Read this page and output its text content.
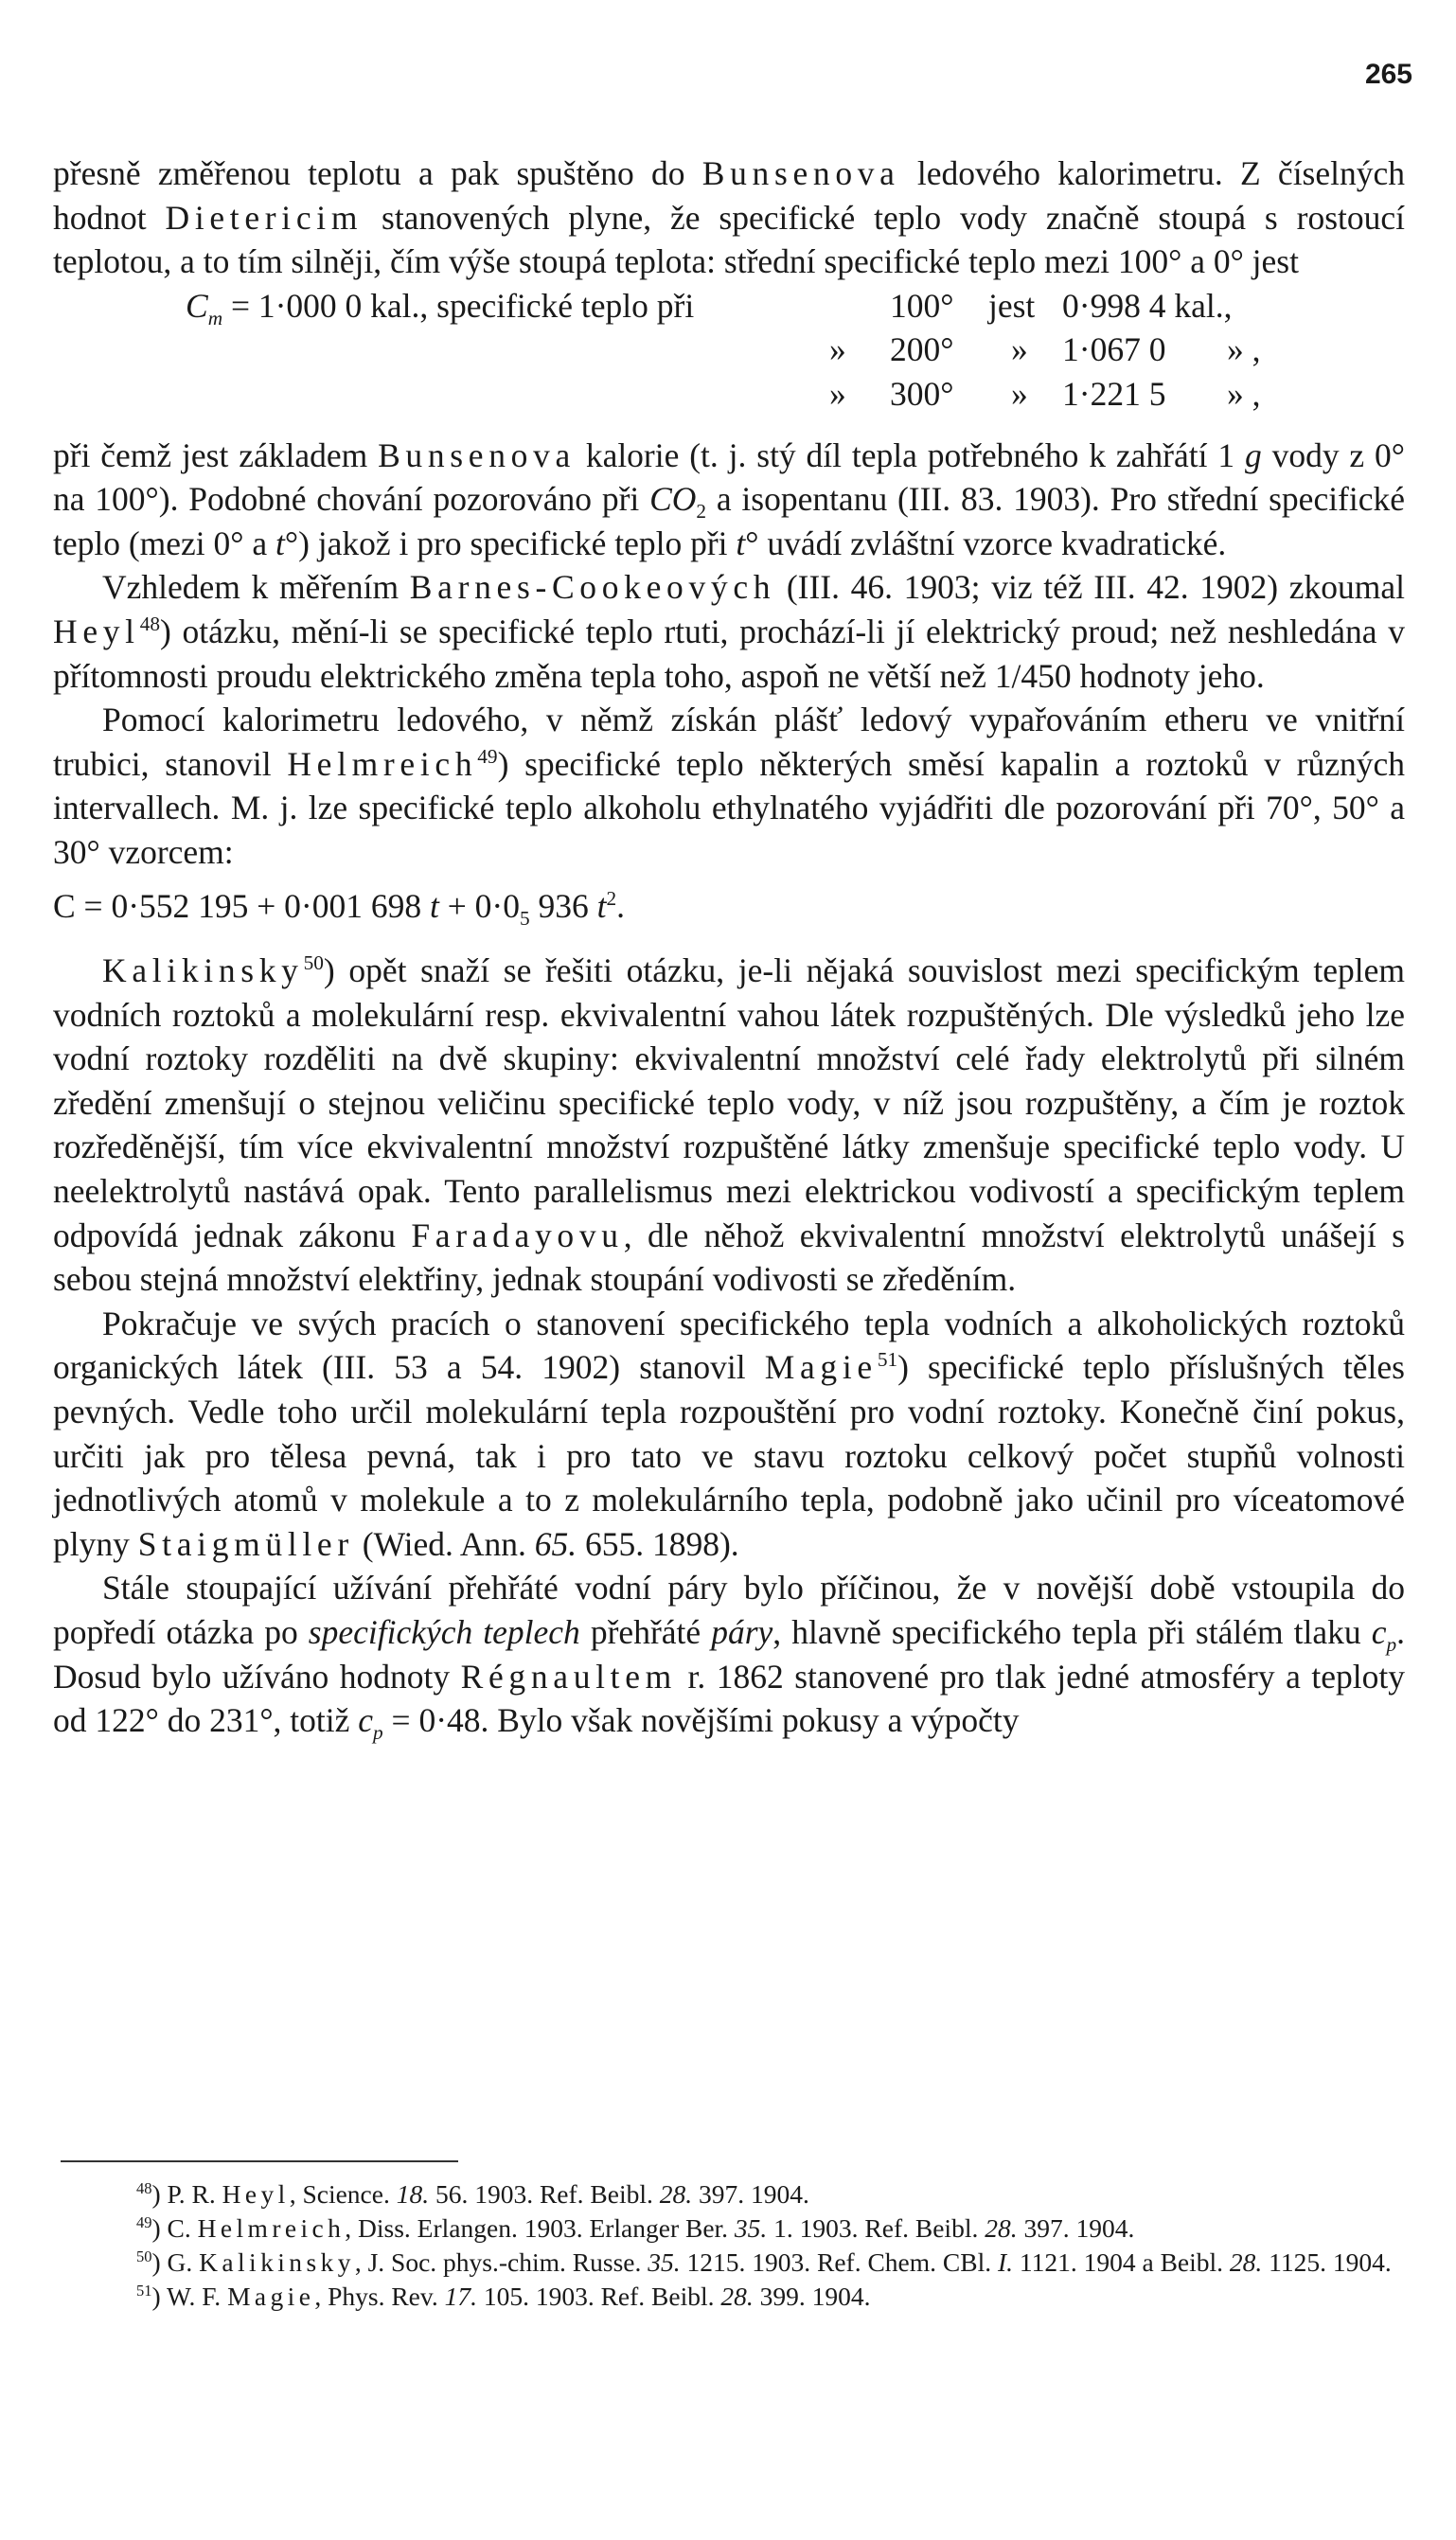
265

přesně změřenou teplotu a pak spuštěno do Bunsenova ledového kalorimetru. Z číselných hodnot Dietericim stanovených plyne, že specifické teplo vody značně stoupá s rostoucí teplotou, a to tím silněji, čím výše stoupá teplota: střední specifické teplo mezi 100° a 0° jest

$C_m = 1\cdot 000$ 0 kal., specifické teplo při	100° jest 0·998 4 kal.,
» 200° » 1·067 0 » ,
» 300° » 1·221 5 » ,

při čemž jest základem Bunsenova kalorie (t. j. stý díl tepla potřebného k zahřátí 1 g vody z 0° na 100°). Podobné chování pozorováno při $CO_2$ a isopentanu (III. 83. 1903). Pro střední specifické teplo (mezi 0° a t°) jakož i pro specifické teplo při t° uvádí zvláštní vzorce kvadratické.

Vzhledem k měřením Barnes-Cookeových (III. 46. 1903; viz též III. 42. 1902) zkoumal Heyl$^{48}$) otázku, mění-li se specifické teplo rtuti, prochází-li jí elektrický proud; než neshledána v přítomnosti proudu elektrického změna tepla toho, aspoň ne větší než 1/450 hodnoty jeho.

Pomocí kalorimetru ledového, v němž získán plášť ledový vypařováním etheru ve vnitřní trubici, stanovil Helmreich$^{49}$) specifické teplo některých směsí kapalin a roztoků v různých intervallech. M. j. lze specifické teplo alkoholu ethylnatého vyjádřiti dle pozorování při 70°, 50° a 30° vzorcem:

C = 0·552 195 + 0·001 698 $t + 0\cdot 0_5$ 936 $t^2$.

Kalikinsky$^{50}$) opět snaží se řešiti otázku, je-li nějaká souvislost mezi specifickým teplem vodních roztoků a molekulární resp. ekvivalentní vahou látek rozpuštěných. Dle výsledků jeho lze vodní roztoky rozděliti na dvě skupiny: ekvivalentní množství celé řady elektrolytů při silném zředění zmenšují o stejnou veličinu specifické teplo vody, v níž jsou rozpuštěny, a čím je roztok rozředěnější, tím více ekvivalentní množství rozpuštěné látky zmenšuje specifické teplo vody. U neelektrolytů nastává opak. Tento parallelismus mezi elektrickou vodivostí a specifickým teplem odpovídá jednak zákonu Faradayovu, dle něhož ekvivalentní množství elektrolytů unášejí s sebou stejná množství elektřiny, jednak stoupání vodivosti se zředěním.

Pokračuje ve svých pracích o stanovení specifického tepla vodních a alkoholických roztoků organických látek (III. 53 a 54. 1902) stanovil Magie$^{51}$) specifické teplo příslušných těles pevných. Vedle toho určil molekulární tepla rozpouštění pro vodní roztoky. Konečně činí pokus, určiti jak pro tělesa pevná, tak i pro tato ve stavu roztoku celkový počet stupňů volnosti jednotlivých atomů v molekule a to z molekulárního tepla, podobně jako učinil pro víceatomové plyny Staigmüller (Wied. Ann. 65. 655. 1898).

Stále stoupající užívání přehřáté vodní páry bylo příčinou, že v novější době vstoupila do popředí otázka po specifických teplech přehřáté páry, hlavně specifického tepla při stálém tlaku $c_p$. Dosud bylo užíváno hodnoty Régnaultem r. 1862 stanovené pro tlak jedné atmosféry a teploty od 122° do 231°, totiž $c_p = 0\cdot 48$. Bylo však novějšími pokusy a výpočty

$^{48}$) P. R. Heyl, Science. 18. 56. 1903. Ref. Beibl. 28. 397. 1904.

$^{49}$) C. Helmreich, Diss. Erlangen. 1903. Erlanger Ber. 35. 1. 1903. Ref. Beibl. 28. 397. 1904.

$^{50}$) G. Kalikinsky, J. Soc. phys.-chim. Russe. 35. 1215. 1903. Ref. Chem. CBl. I. 1121. 1904 a Beibl. 28. 1125. 1904.

$^{51}$) W. F. Magie, Phys. Rev. 17. 105. 1903. Ref. Beibl. 28. 399. 1904.
